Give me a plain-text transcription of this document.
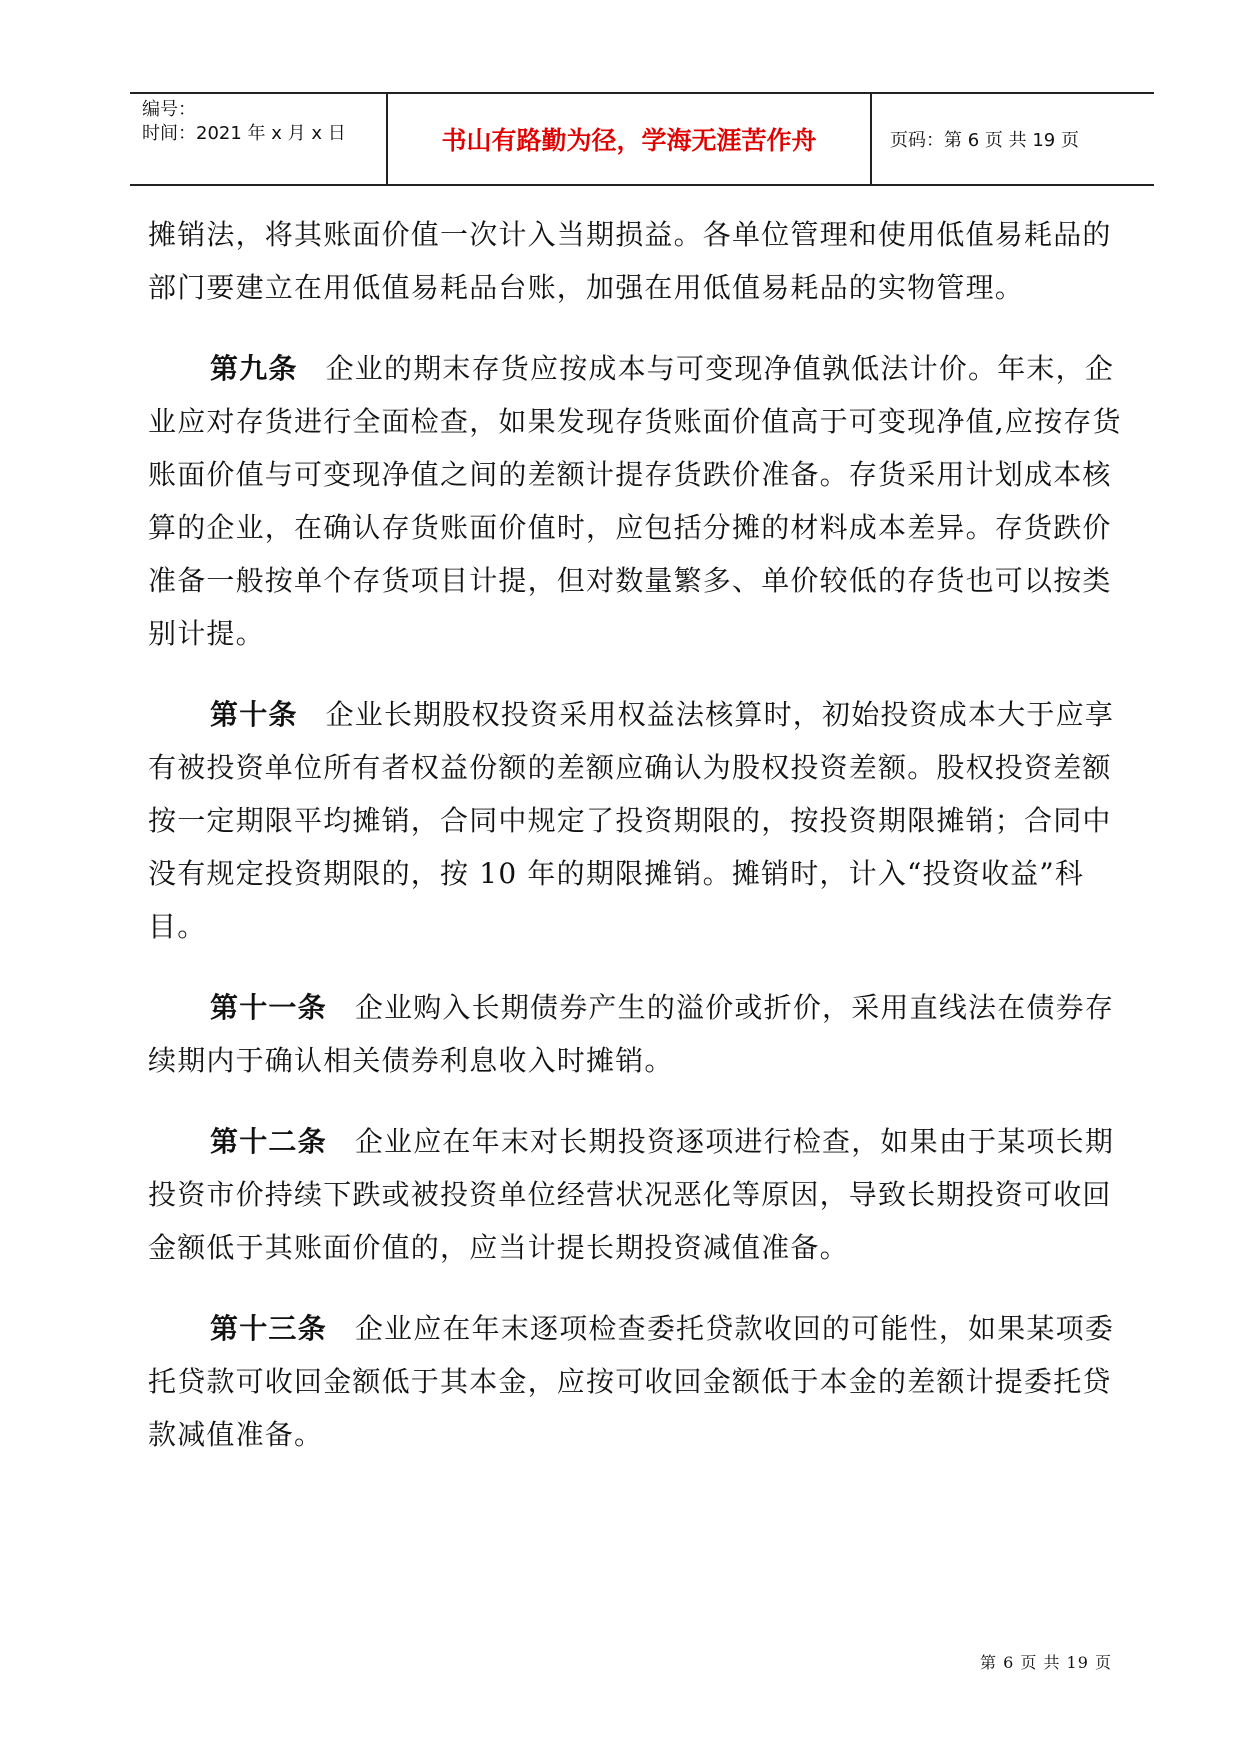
编号：
时间：2021 年 x 月 x 日	书山有路勤为径，学海无涯苦作舟	页码：第 6 页 共 19 页

摊销法，将其账面价值一次计入当期损益。各单位管理和使用低值易耗品的部门要建立在用低值易耗品台账，加强在用低值易耗品的实物管理。

第九条 企业的期末存货应按成本与可变现净值孰低法计价。年末，企业应对存货进行全面检查，如果发现存货账面价值高于可变现净值,应按存货账面价值与可变现净值之间的差额计提存货跌价准备。存货采用计划成本核算的企业，在确认存货账面价值时，应包括分摊的材料成本差异。存货跌价准备一般按单个存货项目计提，但对数量繁多、单价较低的存货也可以按类别计提。

第十条 企业长期股权投资采用权益法核算时，初始投资成本大于应享有被投资单位所有者权益份额的差额应确认为股权投资差额。股权投资差额按一定期限平均摊销，合同中规定了投资期限的，按投资期限摊销；合同中没有规定投资期限的，按 10 年的期限摊销。摊销时，计入“投资收益”科目。

第十一条 企业购入长期债券产生的溢价或折价，采用直线法在债券存续期内于确认相关债券利息收入时摊销。

第十二条 企业应在年末对长期投资逐项进行检查，如果由于某项长期投资市价持续下跌或被投资单位经营状况恶化等原因，导致长期投资可收回金额低于其账面价值的，应当计提长期投资减值准备。

第十三条 企业应在年末逐项检查委托贷款收回的可能性，如果某项委托贷款可收回金额低于其本金，应按可收回金额低于本金的差额计提委托贷款减值准备。

第 6 页 共 19 页
